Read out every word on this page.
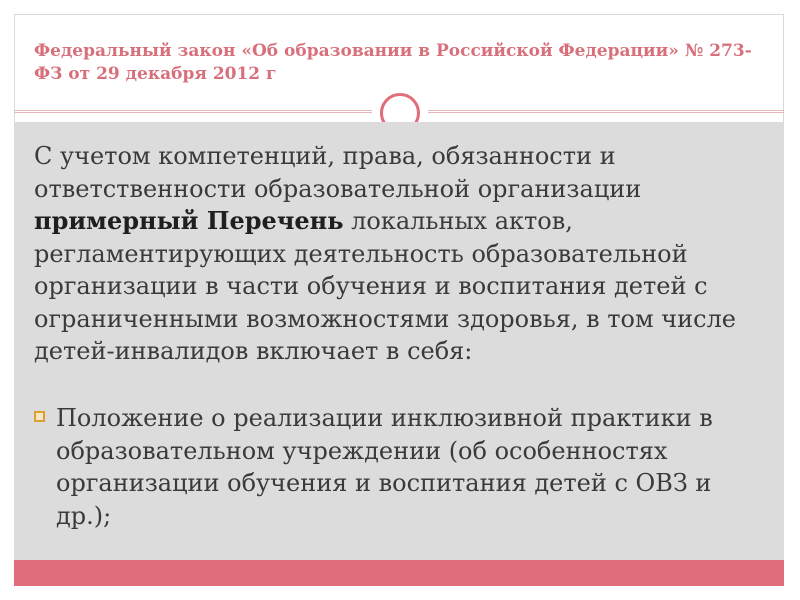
Федеральный закон «Об образовании в Российской Федерации» № 273-ФЗ от 29 декабря 2012 г

С учетом компетенций, права, обязанности и ответственности образовательной организации примерный Перечень локальных актов, регламентирующих деятельность образовательной организации в части обучения и воспитания детей с ограниченными возможностями здоровья, в том числе детей-инвалидов включает в себя:

Положение о реализации инклюзивной практики в образовательном учреждении (об особенностях организации обучения и воспитания детей с ОВЗ и др.);
